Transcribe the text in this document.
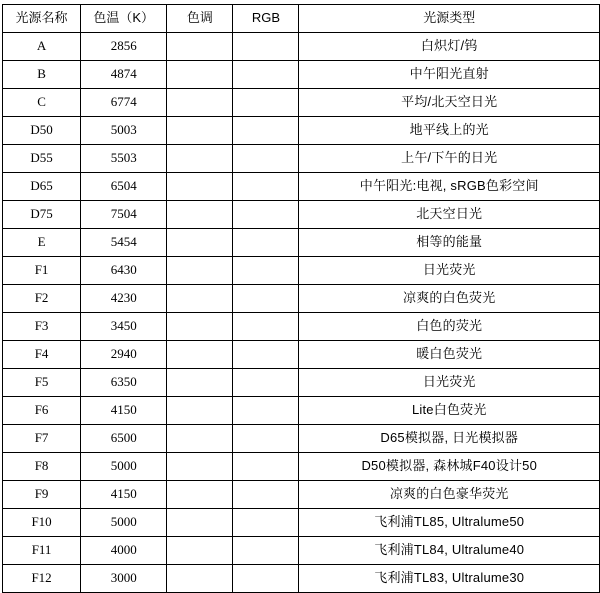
光源名称	色温（K）	色调	RGB	光源类型
A	2856			白炽灯/钨
B	4874			中午阳光直射
C	6774			平均/北天空日光
D50	5003			地平线上的光
D55	5503			上午/下午的日光
D65	6504			中午阳光:电视, sRGB色彩空间
D75	7504			北天空日光
E	5454			相等的能量
F1	6430			日光荧光
F2	4230			凉爽的白色荧光
F3	3450			白色的荧光
F4	2940			暖白色荧光
F5	6350			日光荧光
F6	4150			Lite白色荧光
F7	6500			D65模拟器, 日光模拟器
F8	5000			D50模拟器, 森林城F40设计50
F9	4150			凉爽的白色豪华荧光
F10	5000			飞利浦TL85, Ultralume50
F11	4000			飞利浦TL84, Ultralume40
F12	3000			飞利浦TL83, Ultralume30
